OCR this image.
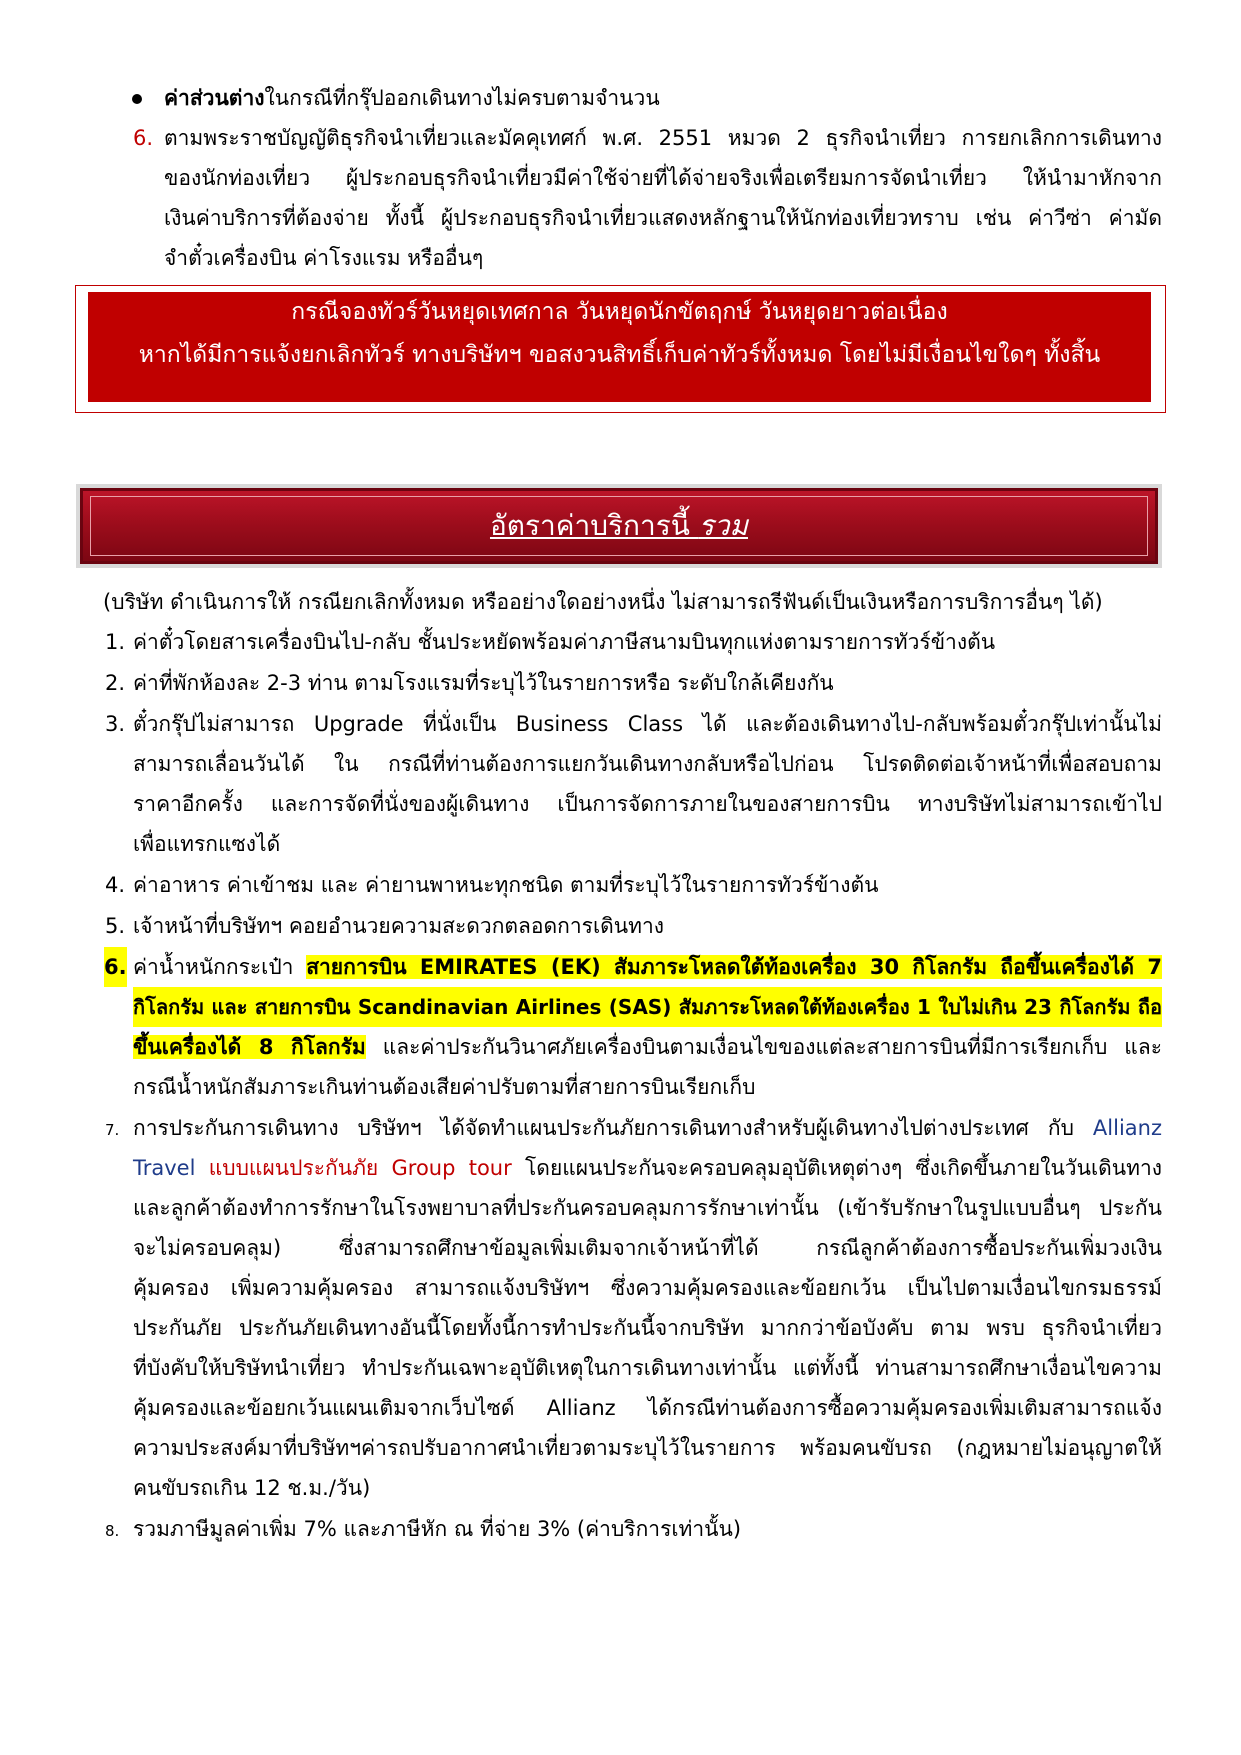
ค่าส่วนต่างในกรณีที่กรุ๊ปออกเดินทางไม่ครบตามจำนวน
6. ตามพระราชบัญญัติธุรกิจนำเที่ยวและมัคคุเทศก์ พ.ศ. 2551 หมวด 2 ธุรกิจนำเที่ยว การยกเลิกการเดินทาง
ของนักท่องเที่ยว ผู้ประกอบธุรกิจนำเที่ยวมีค่าใช้จ่ายที่ได้จ่ายจริงเพื่อเตรียมการจัดนำเที่ยว ให้นำมาหักจาก
เงินค่าบริการที่ต้องจ่าย ทั้งนี้ ผู้ประกอบธุรกิจนำเที่ยวแสดงหลักฐานให้นักท่องเที่ยวทราบ เช่น ค่าวีซ่า ค่ามัด
จำตั๋วเครื่องบิน ค่าโรงแรม หรืออื่นๆ
กรณีจองทัวร์วันหยุดเทศกาล วันหยุดนักขัตฤกษ์ วันหยุดยาวต่อเนื่อง
หากได้มีการแจ้งยกเลิกทัวร์ ทางบริษัทฯ ขอสงวนสิทธิ์เก็บค่าทัวร์ทั้งหมด โดยไม่มีเงื่อนไขใดๆ ทั้งสิ้น
อัตราค่าบริการนี้ รวม
(บริษัท ดำเนินการให้ กรณียกเลิกทั้งหมด หรืออย่างใดอย่างหนึ่ง ไม่สามารถรีฟันด์เป็นเงินหรือการบริการอื่นๆ ได้)
1. ค่าตั๋วโดยสารเครื่องบินไป-กลับ ชั้นประหยัดพร้อมค่าภาษีสนามบินทุกแห่งตามรายการทัวร์ข้างต้น
2. ค่าที่พักห้องละ 2-3 ท่าน ตามโรงแรมที่ระบุไว้ในรายการหรือ ระดับใกล้เคียงกัน
3. ตั๋วกรุ๊ปไม่สามารถ Upgrade ที่นั่งเป็น Business Class ได้ และต้องเดินทางไป-กลับพร้อมตั๋วกรุ๊ปเท่านั้นไม่
สามารถเลื่อนวันได้ ใน กรณีที่ท่านต้องการแยกวันเดินทางกลับหรือไปก่อน โปรดติดต่อเจ้าหน้าที่เพื่อสอบถาม
ราคาอีกครั้ง และการจัดที่นั่งของผู้เดินทาง เป็นการจัดการภายในของสายการบิน ทางบริษัทไม่สามารถเข้าไป
เพื่อแทรกแซงได้
4. ค่าอาหาร ค่าเข้าชม และ ค่ายานพาหนะทุกชนิด ตามที่ระบุไว้ในรายการทัวร์ข้างต้น
5. เจ้าหน้าที่บริษัทฯ คอยอำนวยความสะดวกตลอดการเดินทาง
6. ค่าน้ำหนักกระเป๋า สายการบิน EMIRATES (EK) สัมภาระโหลดใต้ท้องเครื่อง 30 กิโลกรัม ถือขึ้นเครื่องได้ 7
กิโลกรัม และ สายการบิน Scandinavian Airlines (SAS) สัมภาระโหลดใต้ท้องเครื่อง 1 ใบไม่เกิน 23 กิโลกรัม ถือ
ขึ้นเครื่องได้ 8 กิโลกรัม และค่าประกันวินาศภัยเครื่องบินตามเงื่อนไขของแต่ละสายการบินที่มีการเรียกเก็บ และ
กรณีน้ำหนักสัมภาระเกินท่านต้องเสียค่าปรับตามที่สายการบินเรียกเก็บ
7. การประกันการเดินทาง บริษัทฯ ได้จัดทำแผนประกันภัยการเดินทางสำหรับผู้เดินทางไปต่างประเทศ กับ Allianz
Travel แบบแผนประกันภัย Group tour โดยแผนประกันจะครอบคลุมอุบัติเหตุต่างๆ ซึ่งเกิดขึ้นภายในวันเดินทาง
และลูกค้าต้องทำการรักษาในโรงพยาบาลที่ประกันครอบคลุมการรักษาเท่านั้น (เข้ารับรักษาในรูปแบบอื่นๆ ประกัน
จะไม่ครอบคลุม) ซึ่งสามารถศึกษาข้อมูลเพิ่มเติมจากเจ้าหน้าที่ได้ กรณีลูกค้าต้องการซื้อประกันเพิ่มวงเงิน
คุ้มครอง เพิ่มความคุ้มครอง สามารถแจ้งบริษัทฯ ซึ่งความคุ้มครองและข้อยกเว้น เป็นไปตามเงื่อนไขกรมธรรม์
ประกันภัย ประกันภัยเดินทางอันนี้โดยทั้งนี้การทำประกันนี้จากบริษัท มากกว่าข้อบังคับ ตาม พรบ ธุรกิจนำเที่ยว
ที่บังคับให้บริษัทนำเที่ยว ทำประกันเฉพาะอุบัติเหตุในการเดินทางเท่านั้น แต่ทั้งนี้ ท่านสามารถศึกษาเงื่อนไขความ
คุ้มครองและข้อยกเว้นแผนเติมจากเว็บไซด์ Allianz ได้กรณีท่านต้องการซื้อความคุ้มครองเพิ่มเติมสามารถแจ้ง
ความประสงค์มาที่บริษัทฯค่ารถปรับอากาศนำเที่ยวตามระบุไว้ในรายการ พร้อมคนขับรถ (กฎหมายไม่อนุญาตให้
คนขับรถเกิน 12 ช.ม./วัน)
8. รวมภาษีมูลค่าเพิ่ม 7% และภาษีหัก ณ ที่จ่าย 3% (ค่าบริการเท่านั้น)
